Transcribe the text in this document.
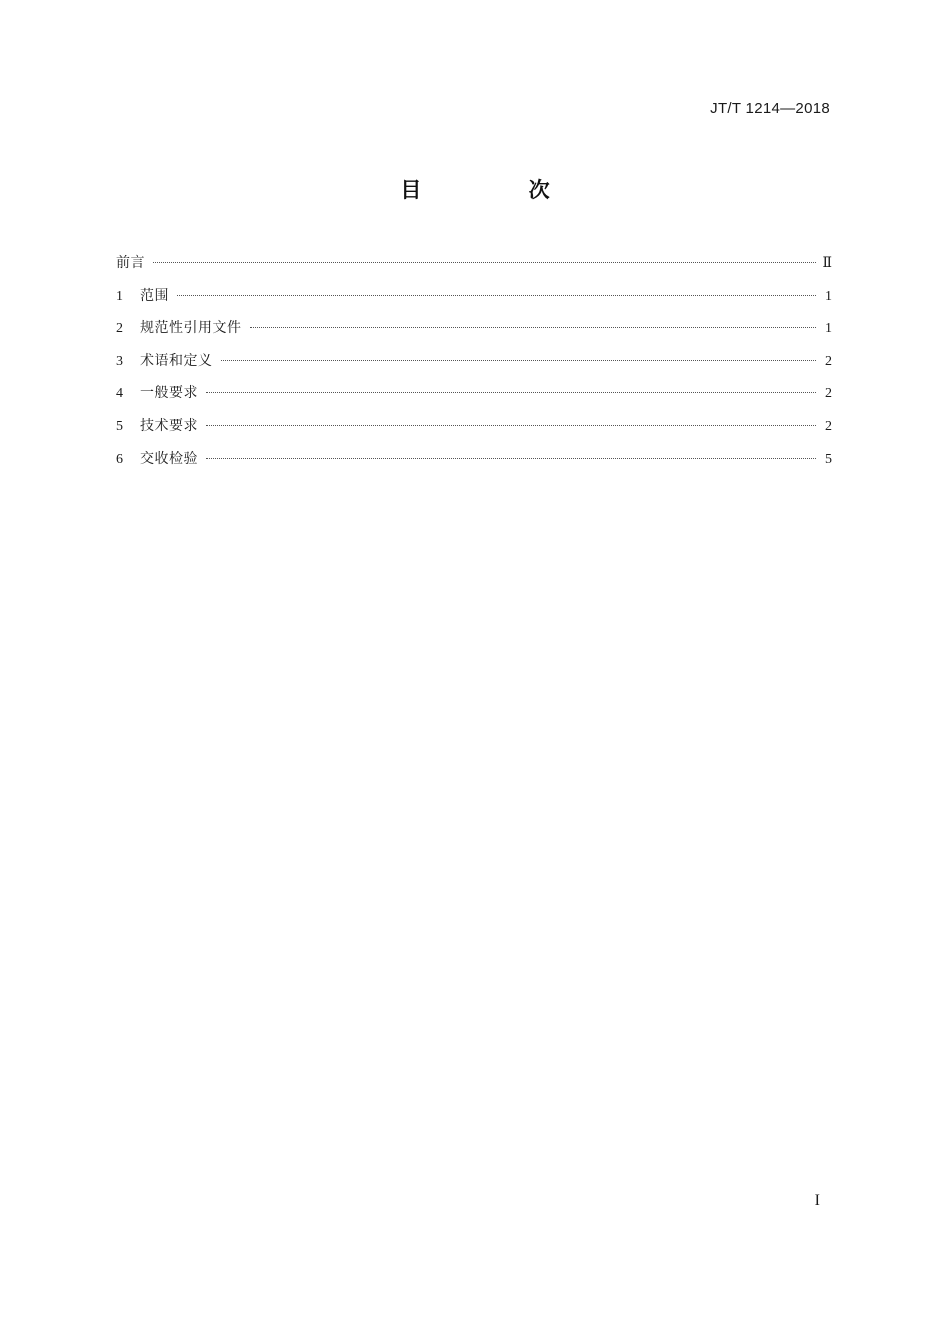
JT/T 1214—2018
目 次
前言	Ⅱ
1	范围	1
2	规范性引用文件	1
3	术语和定义	2
4	一般要求	2
5	技术要求	2
6	交收检验	5
I
